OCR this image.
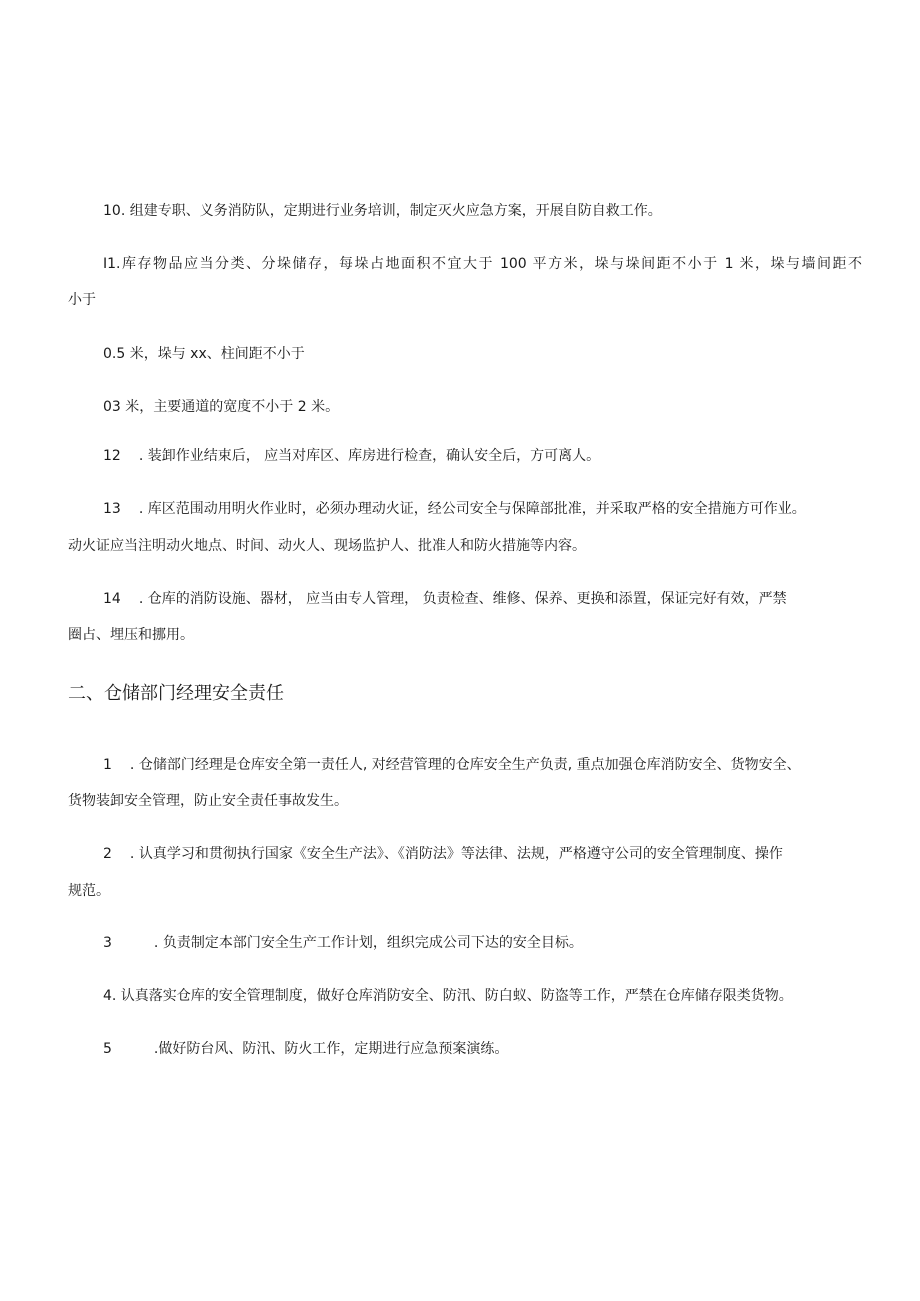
10. 组建专职、义务消防队，定期进行业务培训，制定灭火应急方案，开展自防自救工作。
I1.库存物品应当分类、分垛储存，每垛占地面积不宜大于 100 平方米，垛与垛间距不小于 1 米，垛与墙间距不
小于
0.5 米，垛与 xx、柱间距不小于
03 米，主要通道的宽度不小于 2 米。
12 . 装卸作业结束后， 应当对库区、库房进行检查，确认安全后，方可离人。
13 . 库区范围动用明火作业时，必须办理动火证，经公司安全与保障部批准，并采取严格的安全措施方可作业。
动火证应当注明动火地点、时间、动火人、现场监护人、批准人和防火措施等内容。
14 . 仓库的消防设施、器材， 应当由专人管理， 负责检查、维修、保养、更换和添置，保证完好有效，严禁
圈占、埋压和挪用。
二、仓储部门经理安全责任
1 . 仓储部门经理是仓库安全第一责任人, 对经营管理的仓库安全生产负责, 重点加强仓库消防安全、货物安全、
货物装卸安全管理，防止安全责任事故发生。
2 . 认真学习和贯彻执行国家《安全生产法》、《消防法》等法律、法规，严格遵守公司的安全管理制度、操作
规范。
3	. 负责制定本部门安全生产工作计划，组织完成公司下达的安全目标。
4. 认真落实仓库的安全管理制度，做好仓库消防安全、防汛、防白蚁、防盗等工作，严禁在仓库储存限类货物。
5	.做好防台风、防汛、防火工作，定期进行应急预案演练。
